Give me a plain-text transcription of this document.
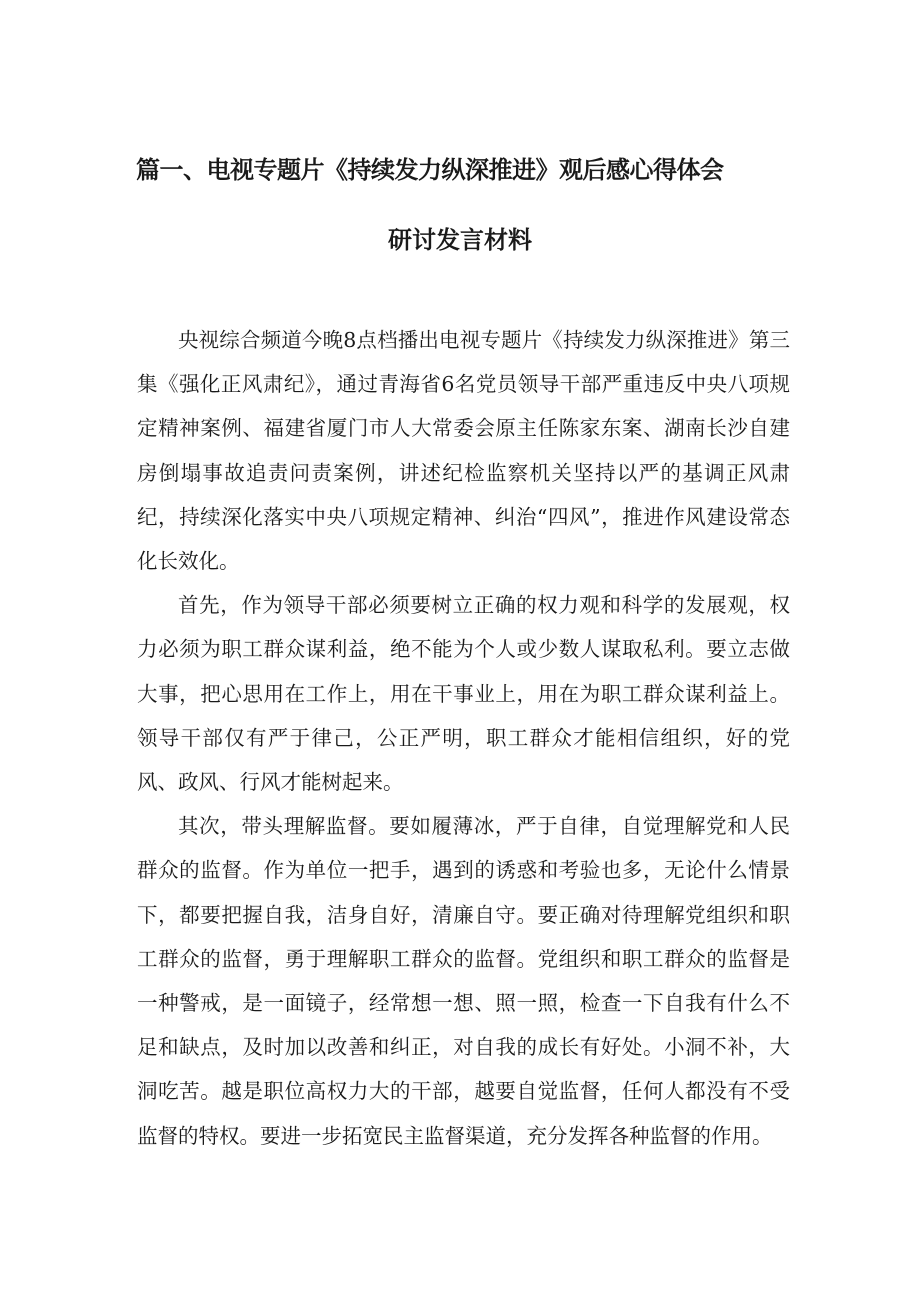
篇一、电视专题片《持续发力纵深推进》观后感心得体会
研讨发言材料

央视综合频道今晚8点档播出电视专题片《持续发力纵深推进》第三集《强化正风肃纪》，通过青海省6名党员领导干部严重违反中央八项规定精神案例、福建省厦门市人大常委会原主任陈家东案、湖南长沙自建房倒塌事故追责问责案例，讲述纪检监察机关坚持以严的基调正风肃纪，持续深化落实中央八项规定精神、纠治“四风”，推进作风建设常态化长效化。

首先，作为领导干部必须要树立正确的权力观和科学的发展观，权力必须为职工群众谋利益，绝不能为个人或少数人谋取私利。要立志做大事，把心思用在工作上，用在干事业上，用在为职工群众谋利益上。领导干部仅有严于律己，公正严明，职工群众才能相信组织，好的党风、政风、行风才能树起来。

其次，带头理解监督。要如履薄冰，严于自律，自觉理解党和人民群众的监督。作为单位一把手，遇到的诱惑和考验也多，无论什么情景下，都要把握自我，洁身自好，清廉自守。要正确对待理解党组织和职工群众的监督，勇于理解职工群众的监督。党组织和职工群众的监督是一种警戒，是一面镜子，经常想一想、照一照，检查一下自我有什么不足和缺点，及时加以改善和纠正，对自我的成长有好处。小洞不补，大洞吃苦。越是职位高权力大的干部，越要自觉监督，任何人都没有不受监督的特权。要进一步拓宽民主监督渠道，充分发挥各种监督的作用。
